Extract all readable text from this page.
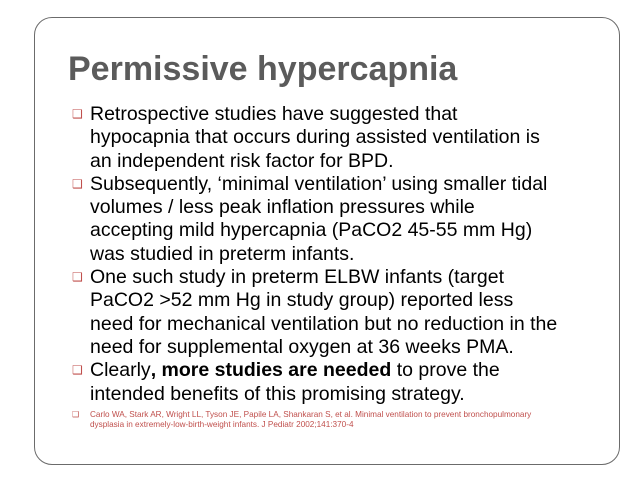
Permissive hypercapnia
❑ Retrospective studies have suggested that
hypocapnia that occurs during assisted ventilation is
an independent risk factor for BPD.
❑ Subsequently, ‘minimal ventilation’ using smaller tidal
volumes / less peak inflation pressures while
accepting mild hypercapnia (PaCO2 45-55 mm Hg)
was studied in preterm infants.
❑ One such study in preterm ELBW infants (target
PaCO2 >52 mm Hg in study group) reported less
need for mechanical ventilation but no reduction in the
need for supplemental oxygen at 36 weeks PMA.
❑ Clearly, more studies are needed to prove the
intended benefits of this promising strategy.
❑ Carlo WA, Stark AR, Wright LL, Tyson JE, Papile LA, Shankaran S, et al. Minimal ventilation to prevent bronchopulmonary
dysplasia in extremely-low-birth-weight infants. J Pediatr 2002;141:370-4
